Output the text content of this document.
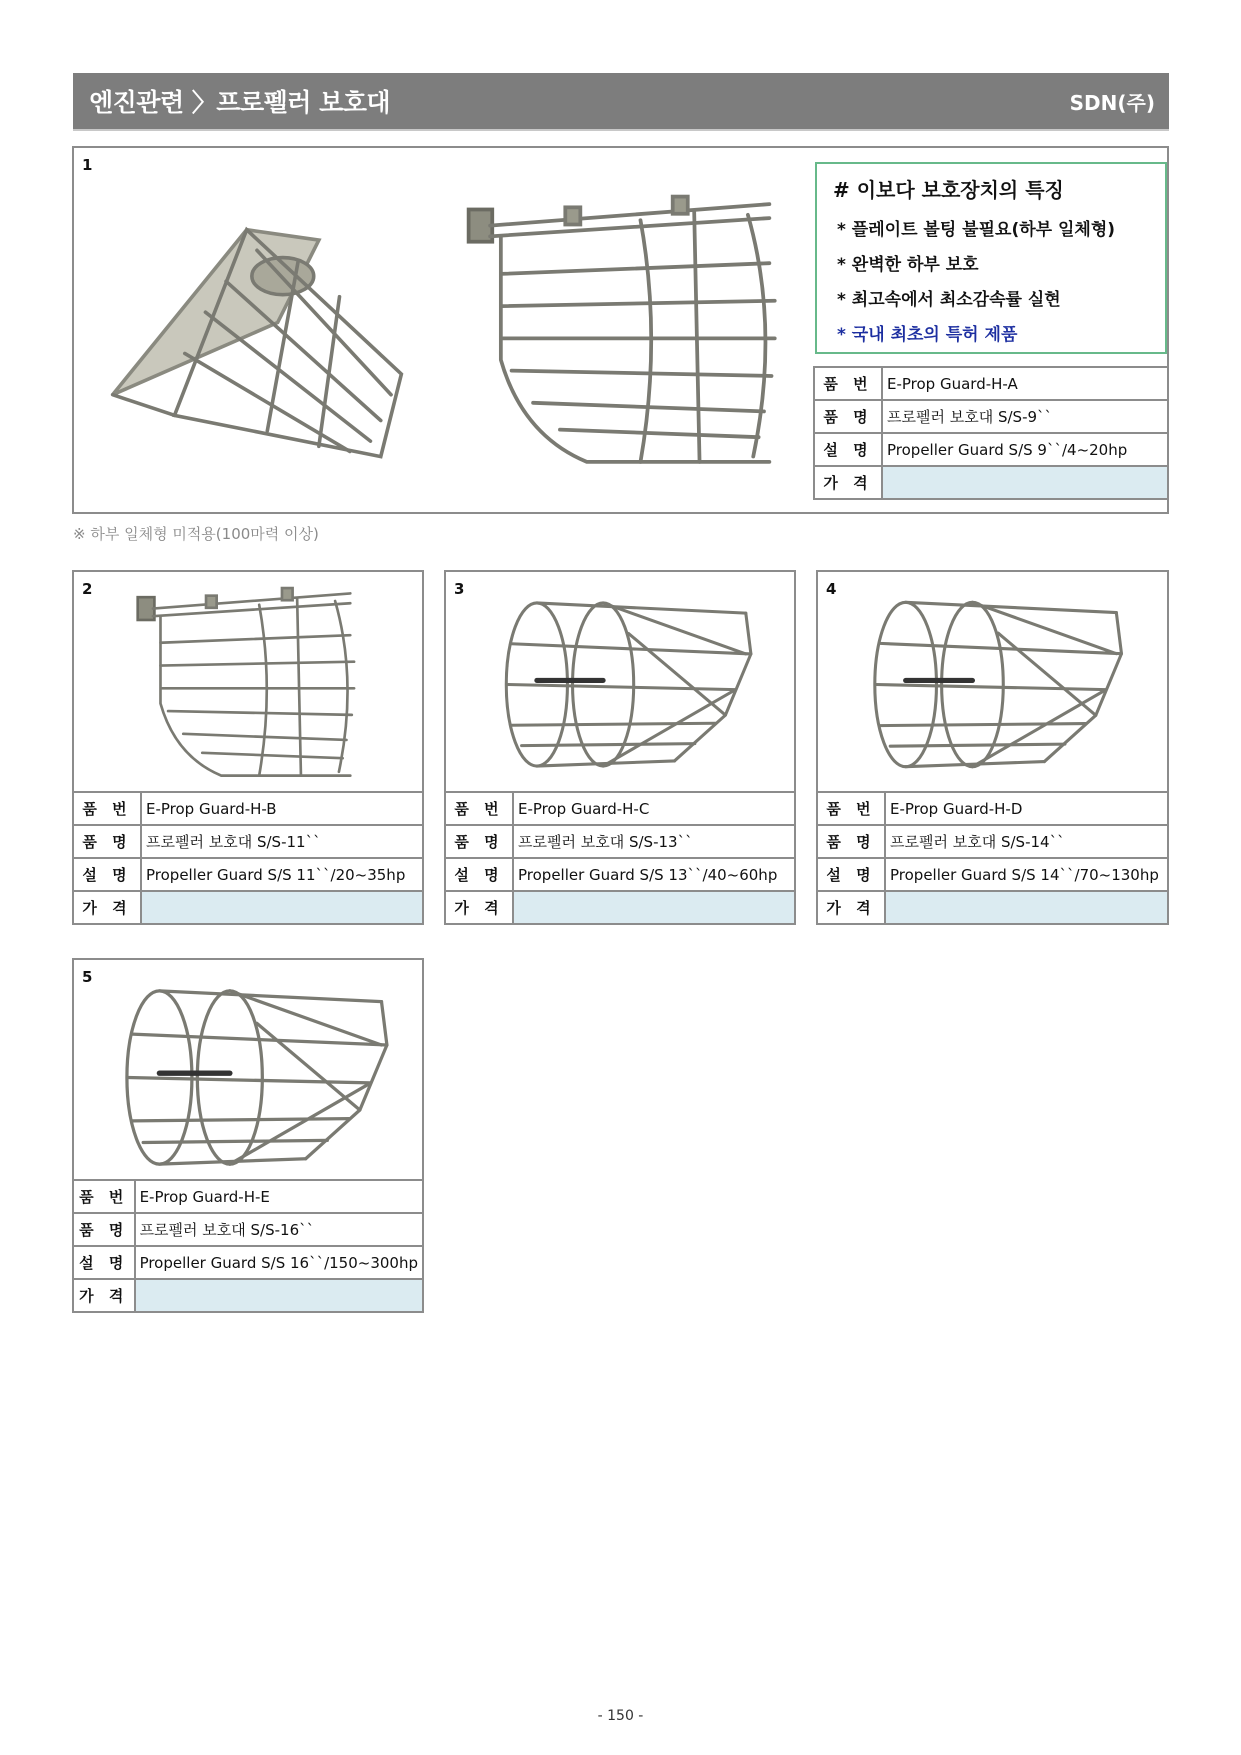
엔진관련 〉프로펠러 보호대	SDN(주)
1
# 이보다 보호장치의 특징
* 플레이트 볼팅 불필요(하부 일체형)
* 완벽한 하부 보호
* 최고속에서 최소감속률 실현
* 국내 최초의 특허 제품
품 번	E-Prop Guard-H-A
품 명	프로펠러 보호대 S/S-9``
설 명	Propeller Guard S/S 9``/4~20hp
가 격	
※ 하부 일체형 미적용(100마력 이상)
2
품 번	E-Prop Guard-H-B
품 명	프로펠러 보호대 S/S-11``
설 명	Propeller Guard S/S 11``/20~35hp
가 격	
3
품 번	E-Prop Guard-H-C
품 명	프로펠러 보호대 S/S-13``
설 명	Propeller Guard S/S 13``/40~60hp
가 격	
4
품 번	E-Prop Guard-H-D
품 명	프로펠러 보호대 S/S-14``
설 명	Propeller Guard S/S 14``/70~130hp
가 격	
5
품 번	E-Prop Guard-H-E
품 명	프로펠러 보호대 S/S-16``
설 명	Propeller Guard S/S 16``/150~300hp
가 격	
- 150 -
